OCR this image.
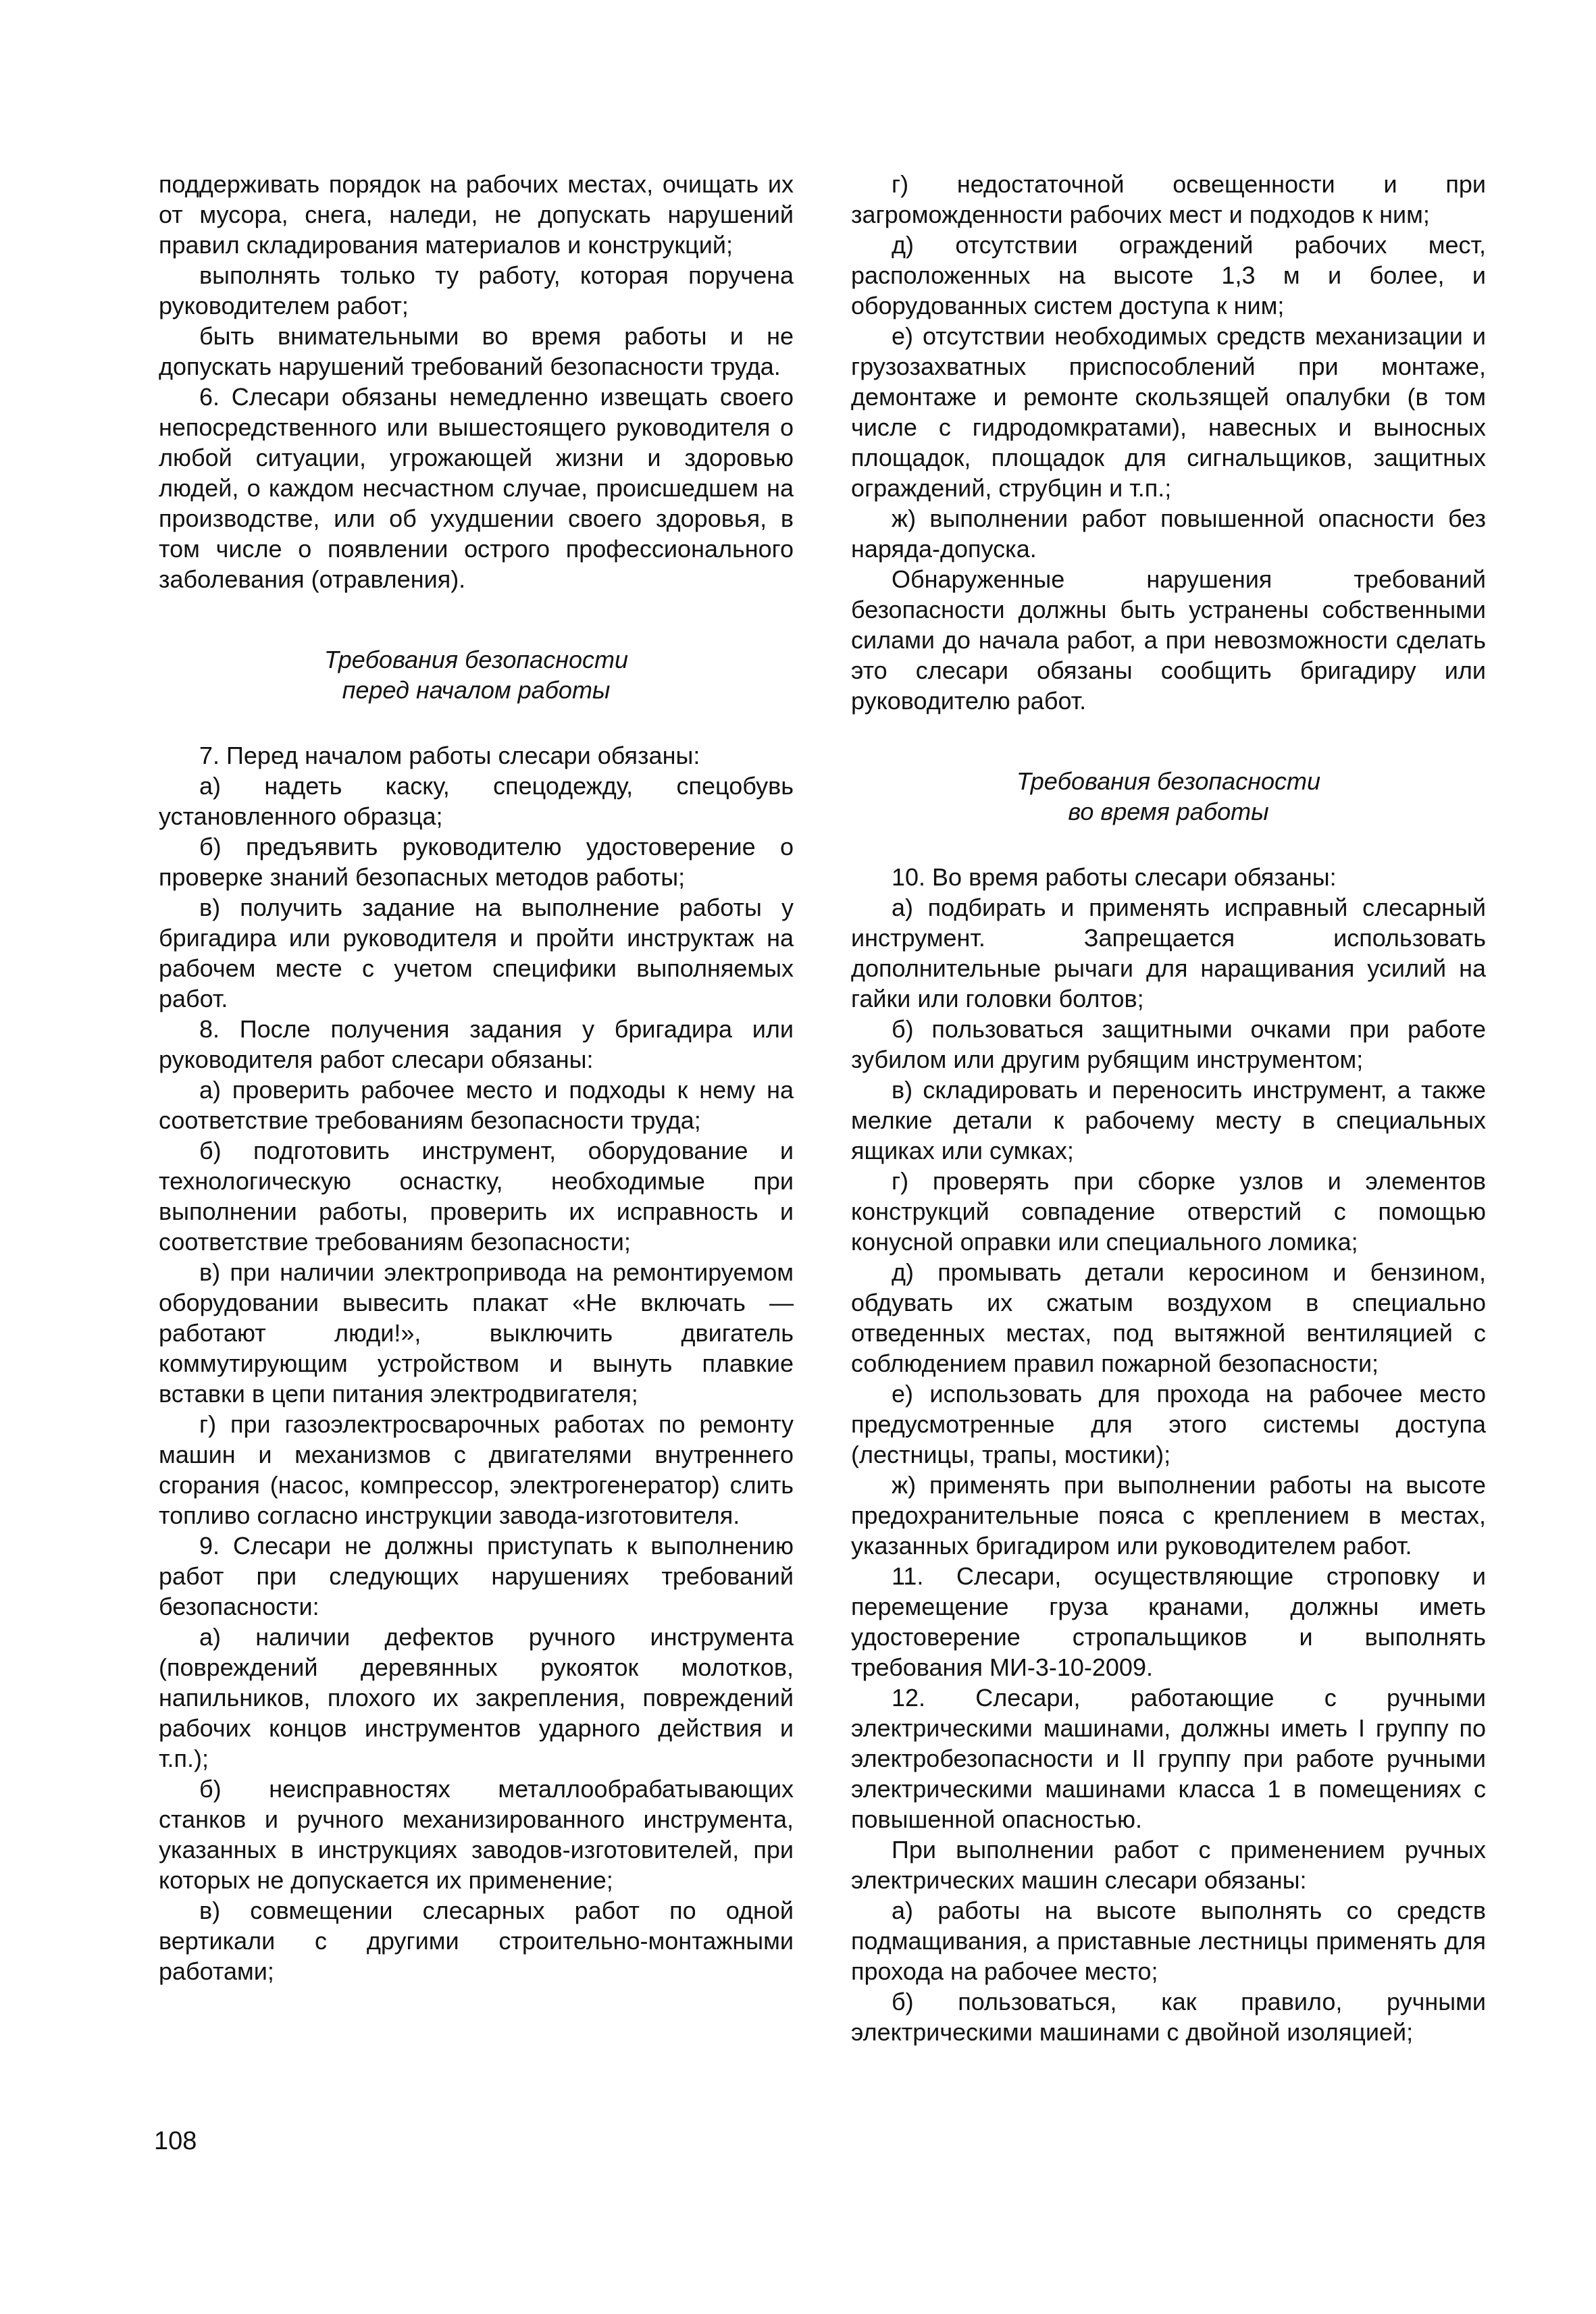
поддерживать порядок на рабочих местах, очищать их от мусора, снега, наледи, не допускать нарушений правил складирования материалов и конструкций;

выполнять только ту работу, которая поручена руководителем работ;

быть внимательными во время работы и не допускать нарушений требований безопасности труда.

6. Слесари обязаны немедленно извещать своего непосредственного или вышестоящего руководителя о любой ситуации, угрожающей жизни и здоровью людей, о каждом несчастном случае, происшедшем на производстве, или об ухудшении своего здоровья, в том числе о появлении острого профессионального заболевания (отравления).

Требования безопасности
перед началом работы

7. Перед началом работы слесари обязаны:

а) надеть каску, спецодежду, спецобувь установленного образца;

б) предъявить руководителю удостоверение о проверке знаний безопасных методов работы;

в) получить задание на выполнение работы у бригадира или руководителя и пройти инструктаж на рабочем месте с учетом специфики выполняемых работ.

8. После получения задания у бригадира или руководителя работ слесари обязаны:

а) проверить рабочее место и подходы к нему на соответствие требованиям безопасности труда;

б) подготовить инструмент, оборудование и технологическую оснастку, необходимые при выполнении работы, проверить их исправность и соответствие требованиям безопасности;

в) при наличии электропривода на ремонтируемом оборудовании вывесить плакат «Не включать — работают люди!», выключить двигатель коммутирующим устройством и вынуть плавкие вставки в цепи питания электродвигателя;

г) при газоэлектросварочных работах по ремонту машин и механизмов с двигателями внутреннего сгорания (насос, компрессор, электрогенератор) слить топливо согласно инструкции завода-изготовителя.

9. Слесари не должны приступать к выполнению работ при следующих нарушениях требований безопасности:

а) наличии дефектов ручного инструмента (повреждений деревянных рукояток молотков, напильников, плохого их закрепления, повреждений рабочих концов инструментов ударного действия и т.п.);

б) неисправностях металлообрабатывающих станков и ручного механизированного инструмента, указанных в инструкциях заводов-изготовителей, при которых не допускается их применение;

в) совмещении слесарных работ по одной вертикали с другими строительно-монтажными работами;

г) недостаточной освещенности и при загроможденности рабочих мест и подходов к ним;

д) отсутствии ограждений рабочих мест, расположенных на высоте 1,3 м и более, и оборудованных систем доступа к ним;

е) отсутствии необходимых средств механизации и грузозахватных приспособлений при монтаже, демонтаже и ремонте скользящей опалубки (в том числе с гидродомкратами), навесных и выносных площадок, площадок для сигнальщиков, защитных ограждений, струбцин и т.п.;

ж) выполнении работ повышенной опасности без наряда-допуска.

Обнаруженные нарушения требований безопасности должны быть устранены собственными силами до начала работ, а при невозможности сделать это слесари обязаны сообщить бригадиру или руководителю работ.

Требования безопасности
во время работы

10. Во время работы слесари обязаны:

а) подбирать и применять исправный слесарный инструмент. Запрещается использовать дополнительные рычаги для наращивания усилий на гайки или головки болтов;

б) пользоваться защитными очками при работе зубилом или другим рубящим инструментом;

в) складировать и переносить инструмент, а также мелкие детали к рабочему месту в специальных ящиках или сумках;

г) проверять при сборке узлов и элементов конструкций совпадение отверстий с помощью конусной оправки или специального ломика;

д) промывать детали керосином и бензином, обдувать их сжатым воздухом в специально отведенных местах, под вытяжной вентиляцией с соблюдением правил пожарной безопасности;

е) использовать для прохода на рабочее место предусмотренные для этого системы доступа (лестницы, трапы, мостики);

ж) применять при выполнении работы на высоте предохранительные пояса с креплением в местах, указанных бригадиром или руководителем работ.

11. Слесари, осуществляющие строповку и перемещение груза кранами, должны иметь удостоверение стропальщиков и выполнять требования МИ-3-10-2009.

12. Слесари, работающие с ручными электрическими машинами, должны иметь I группу по электробезопасности и II группу при работе ручными электрическими машинами класса 1 в помещениях с повышенной опасностью.

При выполнении работ с применением ручных электрических машин слесари обязаны:

а) работы на высоте выполнять со средств подмащивания, а приставные лестницы применять для прохода на рабочее место;

б) пользоваться, как правило, ручными электрическими машинами с двойной изоляцией;

108
